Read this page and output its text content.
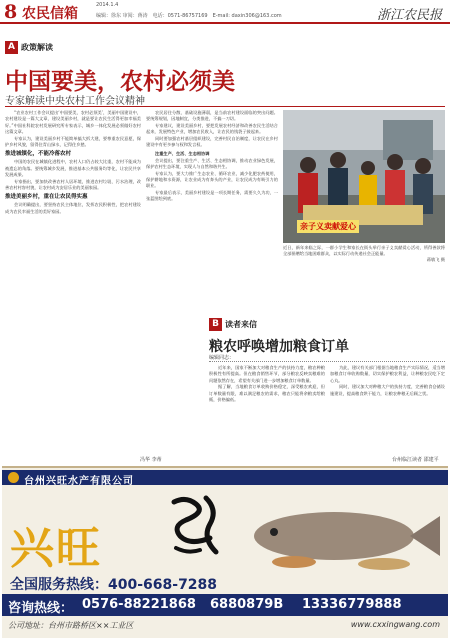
8 农民信箱
2014.1.4
编辑：徐东 审阅：蒋涛　电话：0571-86757169　E-mail: daxin306@163.com	浙江农民报
A 政策解读
中国要美，农村必须美
专家解读中央农村工作会议精神

“农业农村工作会议提出‘中国要美，农村必须美’，美丽中国建设中，农村建设是一篇大文章，建设美丽乡村，就是要让农民生活得更加幸福美好。”中国社科院农村发展研究所专家表示，城乡一体化发展必须做好农村这篇文章。

专家认为，建设美丽乡村不能简单搞大拆大建，要尊重农民意愿，保护乡村风貌，留得住青山绿水，记得住乡愁。

推进城镇化，不能冷落农村

中国的农民在城镇化进程中，农村人口仍占较大比重，农村不能成为被遗忘的角落。要统筹城乡发展，推进基本公共服务均等化，让农民共享发展成果。

专家指出，要加快改善农村人居环境，推进农村垃圾、污水治理，改善农村村容村貌，让农村成为安居乐业的美丽家园。

推进美丽乡村，重在让农民得实惠

会议明确提出，要坚持农民主体地位，发挥农民积极性，把农村建设成为农民幸福生活的美好家园。

农民居住分散、基础设施薄弱，是当前农村建设面临的突出问题。要统筹规划，因地制宜，分类推进，不搞一刀切。

专家建议，建设美丽乡村，要把发展农村经济和改善农民生活结合起来，发展特色产业，增加农民收入，让农民的钱袋子鼓起来。

同时要加强农村基层组织建设，完善村民自治制度，让农民在乡村建设中有更多参与权和发言权。

注重生产、生活、生态相协调

会议提出，要注重生产、生活、生态相协调，推动农业绿色发展，保护农村生态环境，实现人与自然和谐共生。

专家认为，要大力推广生态农业、循环农业，减少化肥农药使用，保护耕地和水资源，让农业成为有奔头的产业，让农民成为有吸引力的职业。

专家最后表示，美丽乡村建设是一项长期任务，需要久久为功，一张蓝图绘到底。

亲子义卖献爱心
近日，新年来临之际，一群小学生和家长在街头举行亲子义卖献爱心活动，所得善款将全部捐赠给当地困难群众，以实际行动传递社会正能量。
蒋敏飞 摄
B 读者来信
粮农呼唤增加粮食订单
编辑同志：

近年来，国家不断加大对粮食生产的扶持力度，粮农种粮积极性有所提高。但在粮食销售环节，部分粮农反映卖粮难的问题依然存在，希望有关部门进一步增加粮食订单数量。

据了解，当地粮食订单收购价格稳定，深受粮农欢迎，但订单数量有限，难以满足粮农的需求，粮农只能将余粮卖给粮贩，价格偏低。

为此，建议有关部门根据当地粮食生产实际情况，适当增加粮食订单收购数量，切实保护粮农利益，让种粮农民吃下定心丸。

同时，建议加大对种粮大户的扶持力度，完善粮食仓储设施建设，提高粮食烘干能力，让粮农种粮无后顾之忧。

冯华 李蒂	台州临江读者 邵建平
台州兴旺水产有限公司
兴旺
全国服务热线：400-668-7288
咨询热线： 0576-88221868 6880879B 13336779888
公司地址：台州市路桥区××工业区	www.cxxingwang.com
